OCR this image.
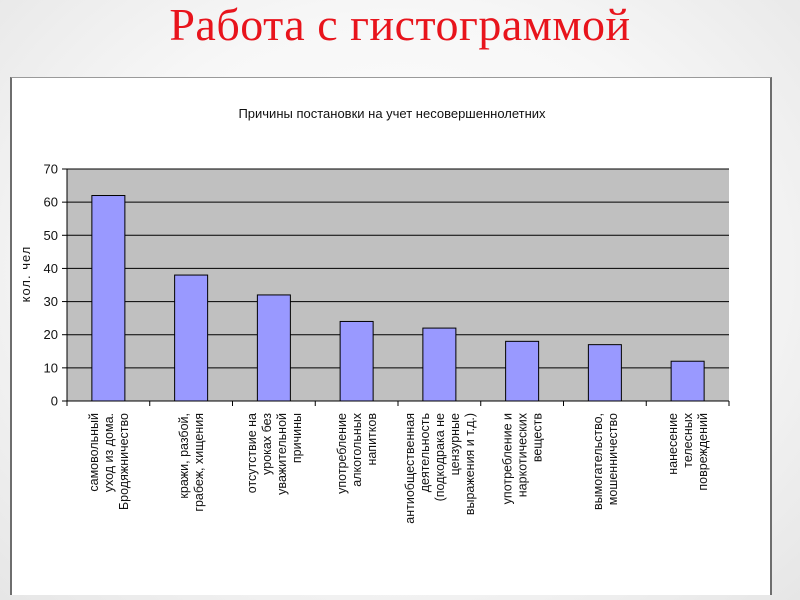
Работа с гистограммой
Причины постановки на учет несовершеннолетних
кол. чел
0
10
20
30
40
50
60
70
самовольный уход из дома. Бродяжничество	кражи, разбой, грабеж, хищения	отсутствие на уроках без уважительной причины	употребление алкогольных напитков антиобщественная деятельность (подкодрака не цензурные выражения и т.д.) употребление и наркотических веществ	вымогательство, мошенничество	нанесение телесных повреждений
